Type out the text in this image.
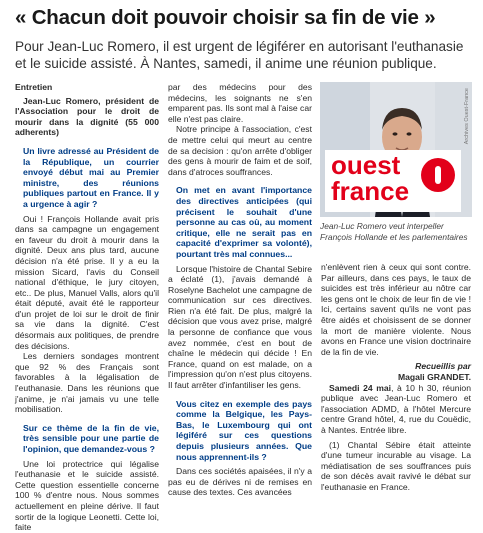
« Chacun doit pouvoir choisir sa fin de vie »
Pour Jean-Luc Romero, il est urgent de légiférer en autorisant l'euthanasie et le suicide assisté. À Nantes, samedi, il anime une réunion publique.

Entretien

Jean-Luc Romero, président de l'Association pour le droit de mourir dans la dignité (55 000 adherents)

Un livre adressé au Président de la République, un courrier envoyé début mai au Premier ministre, des réunions publiques partout en France. Il y a urgence à agir ?

Oui ! François Hollande avait pris dans sa campagne un engagement en faveur du droit à mourir dans la dignité. Deux ans plus tard, aucune décision n'a été prise. Il y a eu la mission Sicard, l'avis du Conseil national d'éthique, le jury citoyen, etc.. De plus, Manuel Valls, alors qu'il était député, avait été le rapporteur d'un projet de loi sur le droit de finir sa vie dans la dignité. C'est désormais aux politiques, de prendre des décisions.

Les derniers sondages montrent que 92 % des Français sont favorables à la légalisation de l'euthanasie. Dans les réunions que j'anime, je n'ai jamais vu une telle mobilisation.

Sur ce thème de la fin de vie, très sensible pour une partie de l'opinion, que demandez-vous ?

Une loi protectrice qui légalise l'euthanasie et le suicide assisté. Cette question essentielle concerne 100 % d'entre nous. Nous sommes actuellement en pleine dérive. Il faut sortir de la logique Leonetti. Cette loi, faite

par des médecins pour des médecins, les soignants ne s'en emparent pas. Ils sont mal à l'aise car elle n'est pas claire.

Notre principe à l'association, c'est de mettre celui qui meurt au centre de sa decision : qu'on arrête d'obliger des gens à mourir de faim et de soif, dans d'atroces souffrances.

On met en avant l'importance des directives anticipées (qui précisent le souhait d'une personne au cas où, au moment critique, elle ne serait pas en capacité d'exprimer sa volonté), pourtant très mal connues...

Lorsque l'histoire de Chantal Sebire a éclaté (1), j'avais demandé à Roselyne Bachelot une campagne de communication sur ces directives. Rien n'a été fait. De plus, malgré la décision que vous avez prise, malgré la personne de confiance que vous avez nommée, c'est en bout de chaîne le médecin qui décide ! En France, quand on est malade, on a l'impression qu'on n'est plus citoyens. Il faut arrêter d'infantiliser les gens.

Vous citez en exemple des pays comme la Belgique, les Pays-Bas, le Luxembourg qui ont légiféré sur ces questions depuis plusieurs années. Que nous apprennent-ils ?

Dans ces sociétés apaisées, il n'y a pas eu de dérives ni de remises en cause des textes. Ces avancées

ouest
france
Archives Ouest-France
Jean-Luc Romero veut interpeller François Hollande et les parlementaires

n'enlèvent rien à ceux qui sont contre. Par ailleurs, dans ces pays, le taux de suicides est très inférieur au nôtre car les gens ont le choix de leur fin de vie ! Ici, certains savent qu'ils ne vont pas être aidés et choisissent de se donner la mort de manière violente. Nous avons en France une vision doctrinaire de la fin de vie.

Recueillis par
Magali GRANDET.

Samedi 24 mai, à 10 h 30, réunion publique avec Jean-Luc Romero et l'association ADMD, à l'hôtel Mercure centre Grand hôtel, 4, rue du Couëdic, à Nantes. Entrée libre.

(1) Chantal Sébire était atteinte d'une tumeur incurable au visage. La médiatisation de ses souffrances puis de son décès avait ravivé le débat sur l'euthanasie en France.
